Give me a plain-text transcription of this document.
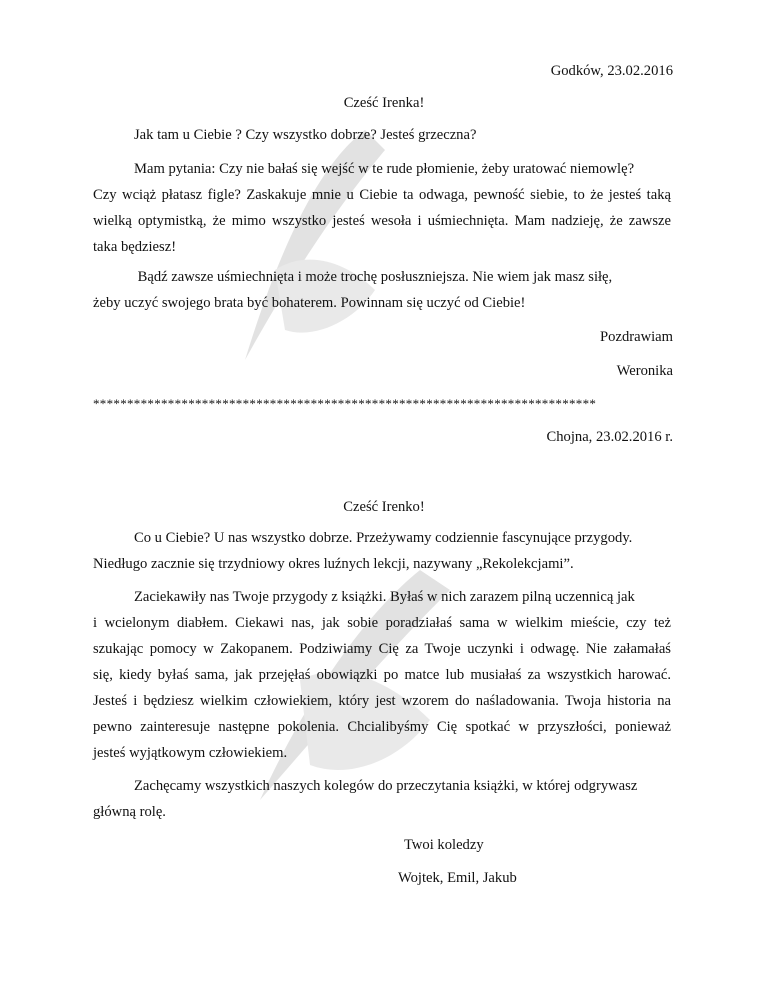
Godków, 23.02.2016
Cześć Irenka!
Jak tam u Ciebie ? Czy wszystko dobrze? Jesteś grzeczna?
Mam pytania: Czy nie bałaś się wejść w te rude płomienie, żeby uratować niemowlę?
Czy wciąż płatasz figle? Zaskakuje mnie u Ciebie ta odwaga, pewność siebie, to że jesteś taką
wielką optymistką, że mimo wszystko jesteś wesoła i uśmiechnięta. Mam nadzieję, że zawsze
taka będziesz!
Bądź zawsze uśmiechnięta i może trochę posłuszniejsza. Nie wiem jak masz siłę,
żeby uczyć swojego brata być bohaterem. Powinnam się uczyć od Ciebie!
Pozdrawiam
Weronika
**************************************************************************
Chojna, 23.02.2016 r.
Cześć Irenko!
Co u Ciebie? U nas wszystko dobrze. Przeżywamy codziennie fascynujące przygody.
Niedługo zacznie się trzydniowy okres luźnych lekcji, nazywany „Rekolekcjami”.
Zaciekawiły nas Twoje przygody z książki. Byłaś w nich zarazem pilną uczennicą jak
i wcielonym diabłem. Ciekawi nas, jak sobie poradziałaś sama w wielkim mieście, czy też
szukając pomocy w Zakopanem. Podziwiamy Cię za Twoje uczynki i odwagę. Nie załamałaś
się, kiedy byłaś sama, jak przejęłaś obowiązki po matce lub musiałaś za wszystkich harować.
Jesteś i będziesz wielkim człowiekiem, który jest wzorem do naśladowania. Twoja historia na
pewno zainteresuje następne pokolenia. Chcialibyśmy Cię spotkać w przyszłości, ponieważ
jesteś wyjątkowym człowiekiem.
Zachęcamy wszystkich naszych kolegów do przeczytania książki, w której odgrywasz
główną rolę.
Twoi koledzy
Wojtek, Emil, Jakub
